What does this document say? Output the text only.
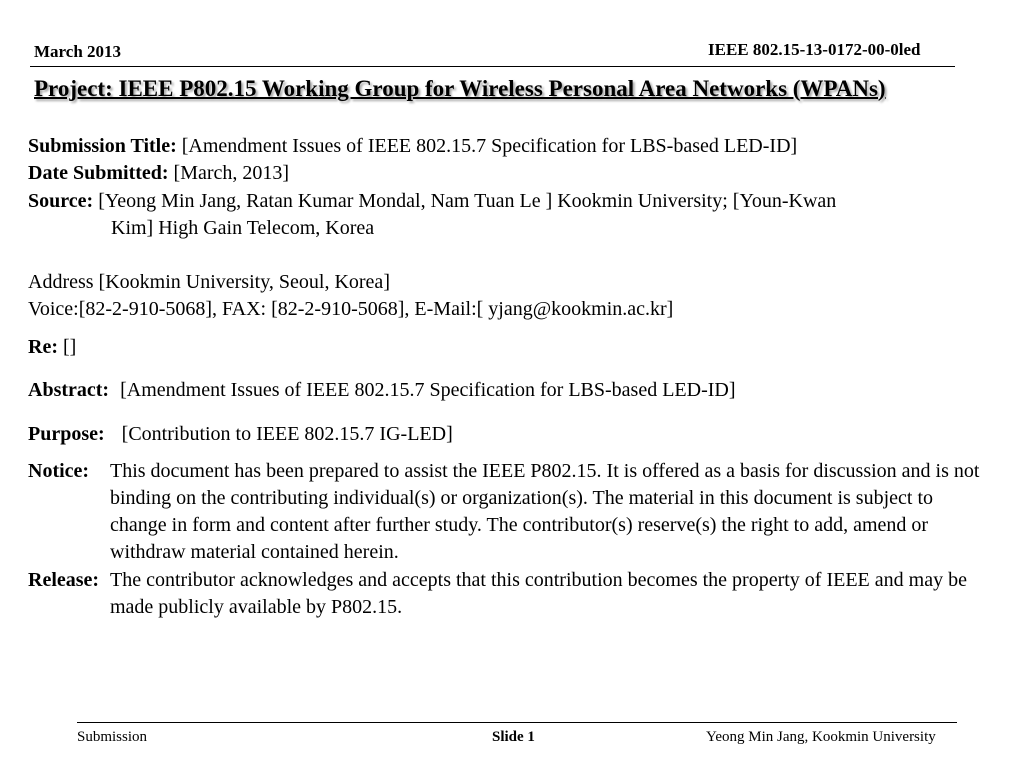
March 2013	IEEE 802.15-13-0172-00-0led
Project: IEEE P802.15 Working Group for Wireless Personal Area Networks (WPANs)
Submission Title: [Amendment Issues of IEEE 802.15.7 Specification for LBS-based LED-ID]
Date Submitted: [March, 2013]
Source: [Yeong Min Jang, Ratan Kumar Mondal, Nam Tuan Le ] Kookmin University; [Youn-Kwan
Kim] High Gain Telecom, Korea
Address [Kookmin University, Seoul, Korea]
Voice:[82-2-910-5068], FAX: [82-2-910-5068], E-Mail:[ yjang@kookmin.ac.kr]
Re: []
Abstract: [Amendment Issues of IEEE 802.15.7 Specification for LBS-based LED-ID]
Purpose: [Contribution to IEEE 802.15.7 IG-LED]
Notice: This document has been prepared to assist the IEEE P802.15. It is offered as a basis for discussion and is not binding on the contributing individual(s) or organization(s). The material in this document is subject to change in form and content after further study. The contributor(s) reserve(s) the right to add, amend or withdraw material contained herein.
Release: The contributor acknowledges and accepts that this contribution becomes the property of IEEE and may be made publicly available by P802.15.
Submission	Slide 1	Yeong Min Jang, Kookmin University
